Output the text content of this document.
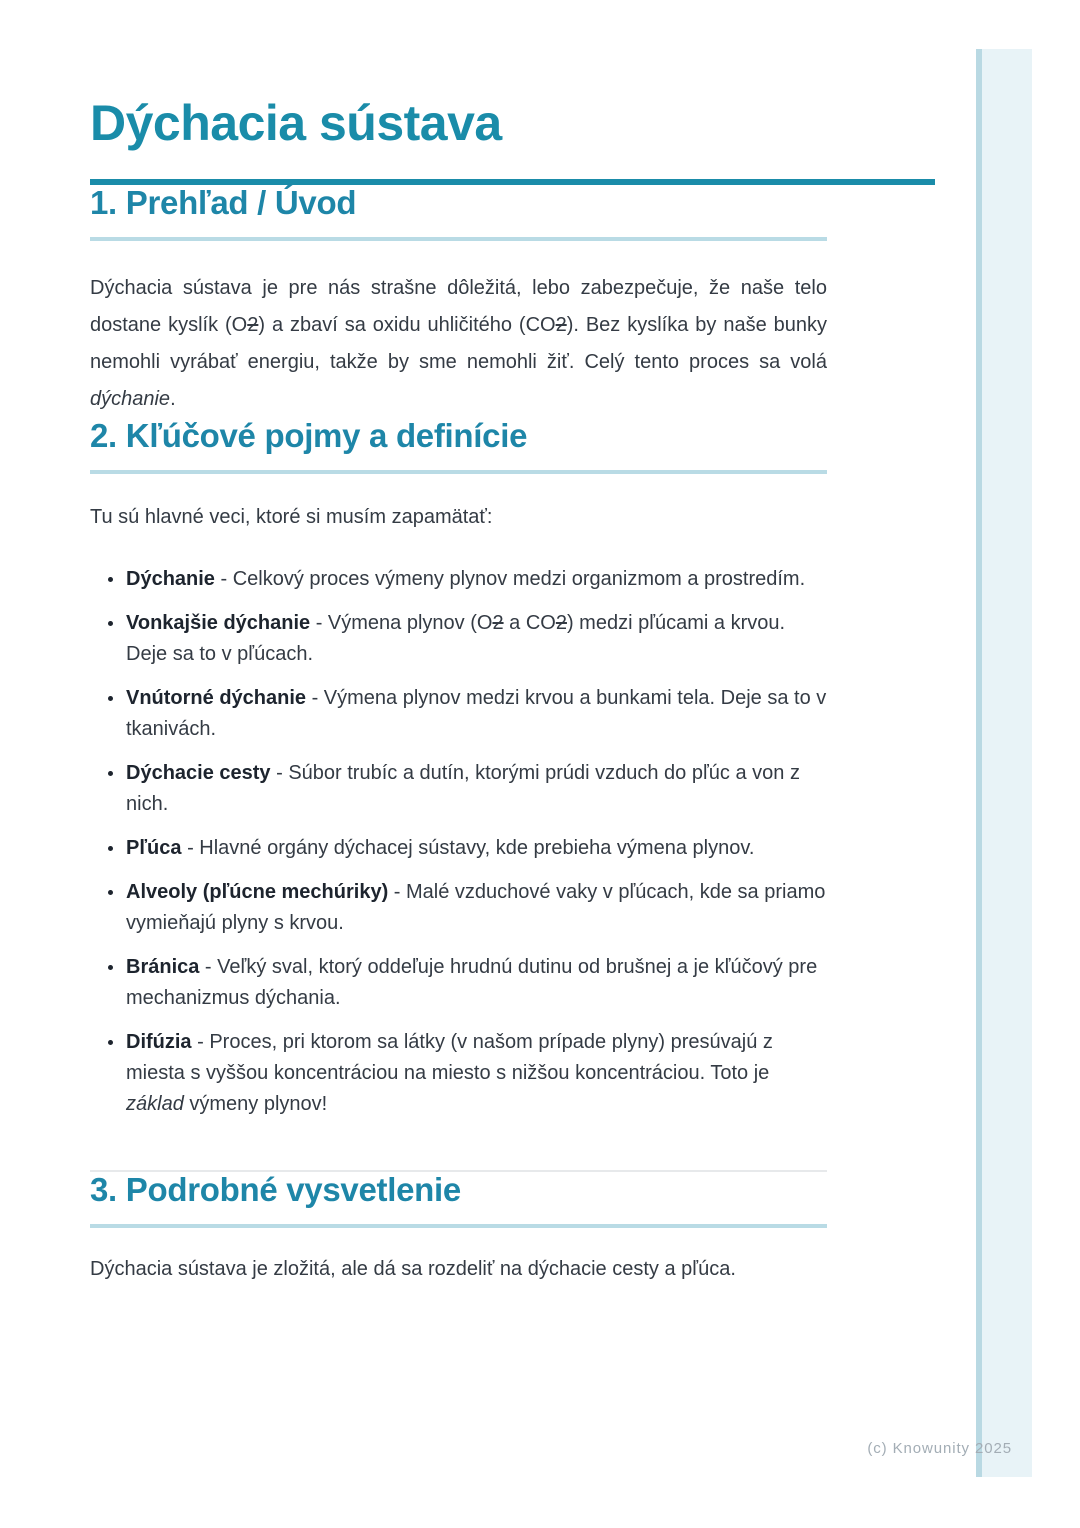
Dýchacia sústava
1. Prehľad / Úvod

Dýchacia sústava je pre nás strašne dôležitá, lebo zabezpečuje, že naše telo dostane kyslík (O2) a zbaví sa oxidu uhličitého (CO2). Bez kyslíka by naše bunky nemohli vyrábať energiu, takže by sme nemohli žiť. Celý tento proces sa volá dýchanie.

2. Kľúčové pojmy a definície

Tu sú hlavné veci, ktoré si musím zapamätať:

• Dýchanie - Celkový proces výmeny plynov medzi organizmom a prostredím.
• Vonkajšie dýchanie - Výmena plynov (O2 a CO2) medzi pľúcami a krvou. Deje sa to v pľúcach.
• Vnútorné dýchanie - Výmena plynov medzi krvou a bunkami tela. Deje sa to v tkanivách.
• Dýchacie cesty - Súbor trubíc a dutín, ktorými prúdi vzduch do pľúc a von z nich.
• Pľúca - Hlavné orgány dýchacej sústavy, kde prebieha výmena plynov.
• Alveoly (pľúcne mechúriky) - Malé vzduchové vaky v pľúcach, kde sa priamo vymieňajú plyny s krvou.
• Bránica - Veľký sval, ktorý oddeľuje hrudnú dutinu od brušnej a je kľúčový pre mechanizmus dýchania.
• Difúzia - Proces, pri ktorom sa látky (v našom prípade plyny) presúvajú z miesta s vyššou koncentráciou na miesto s nižšou koncentráciou. Toto je základ výmeny plynov!
3. Podrobné vysvetlenie

Dýchacia sústava je zložitá, ale dá sa rozdeliť na dýchacie cesty a pľúca.

(c) Knowunity 2025
